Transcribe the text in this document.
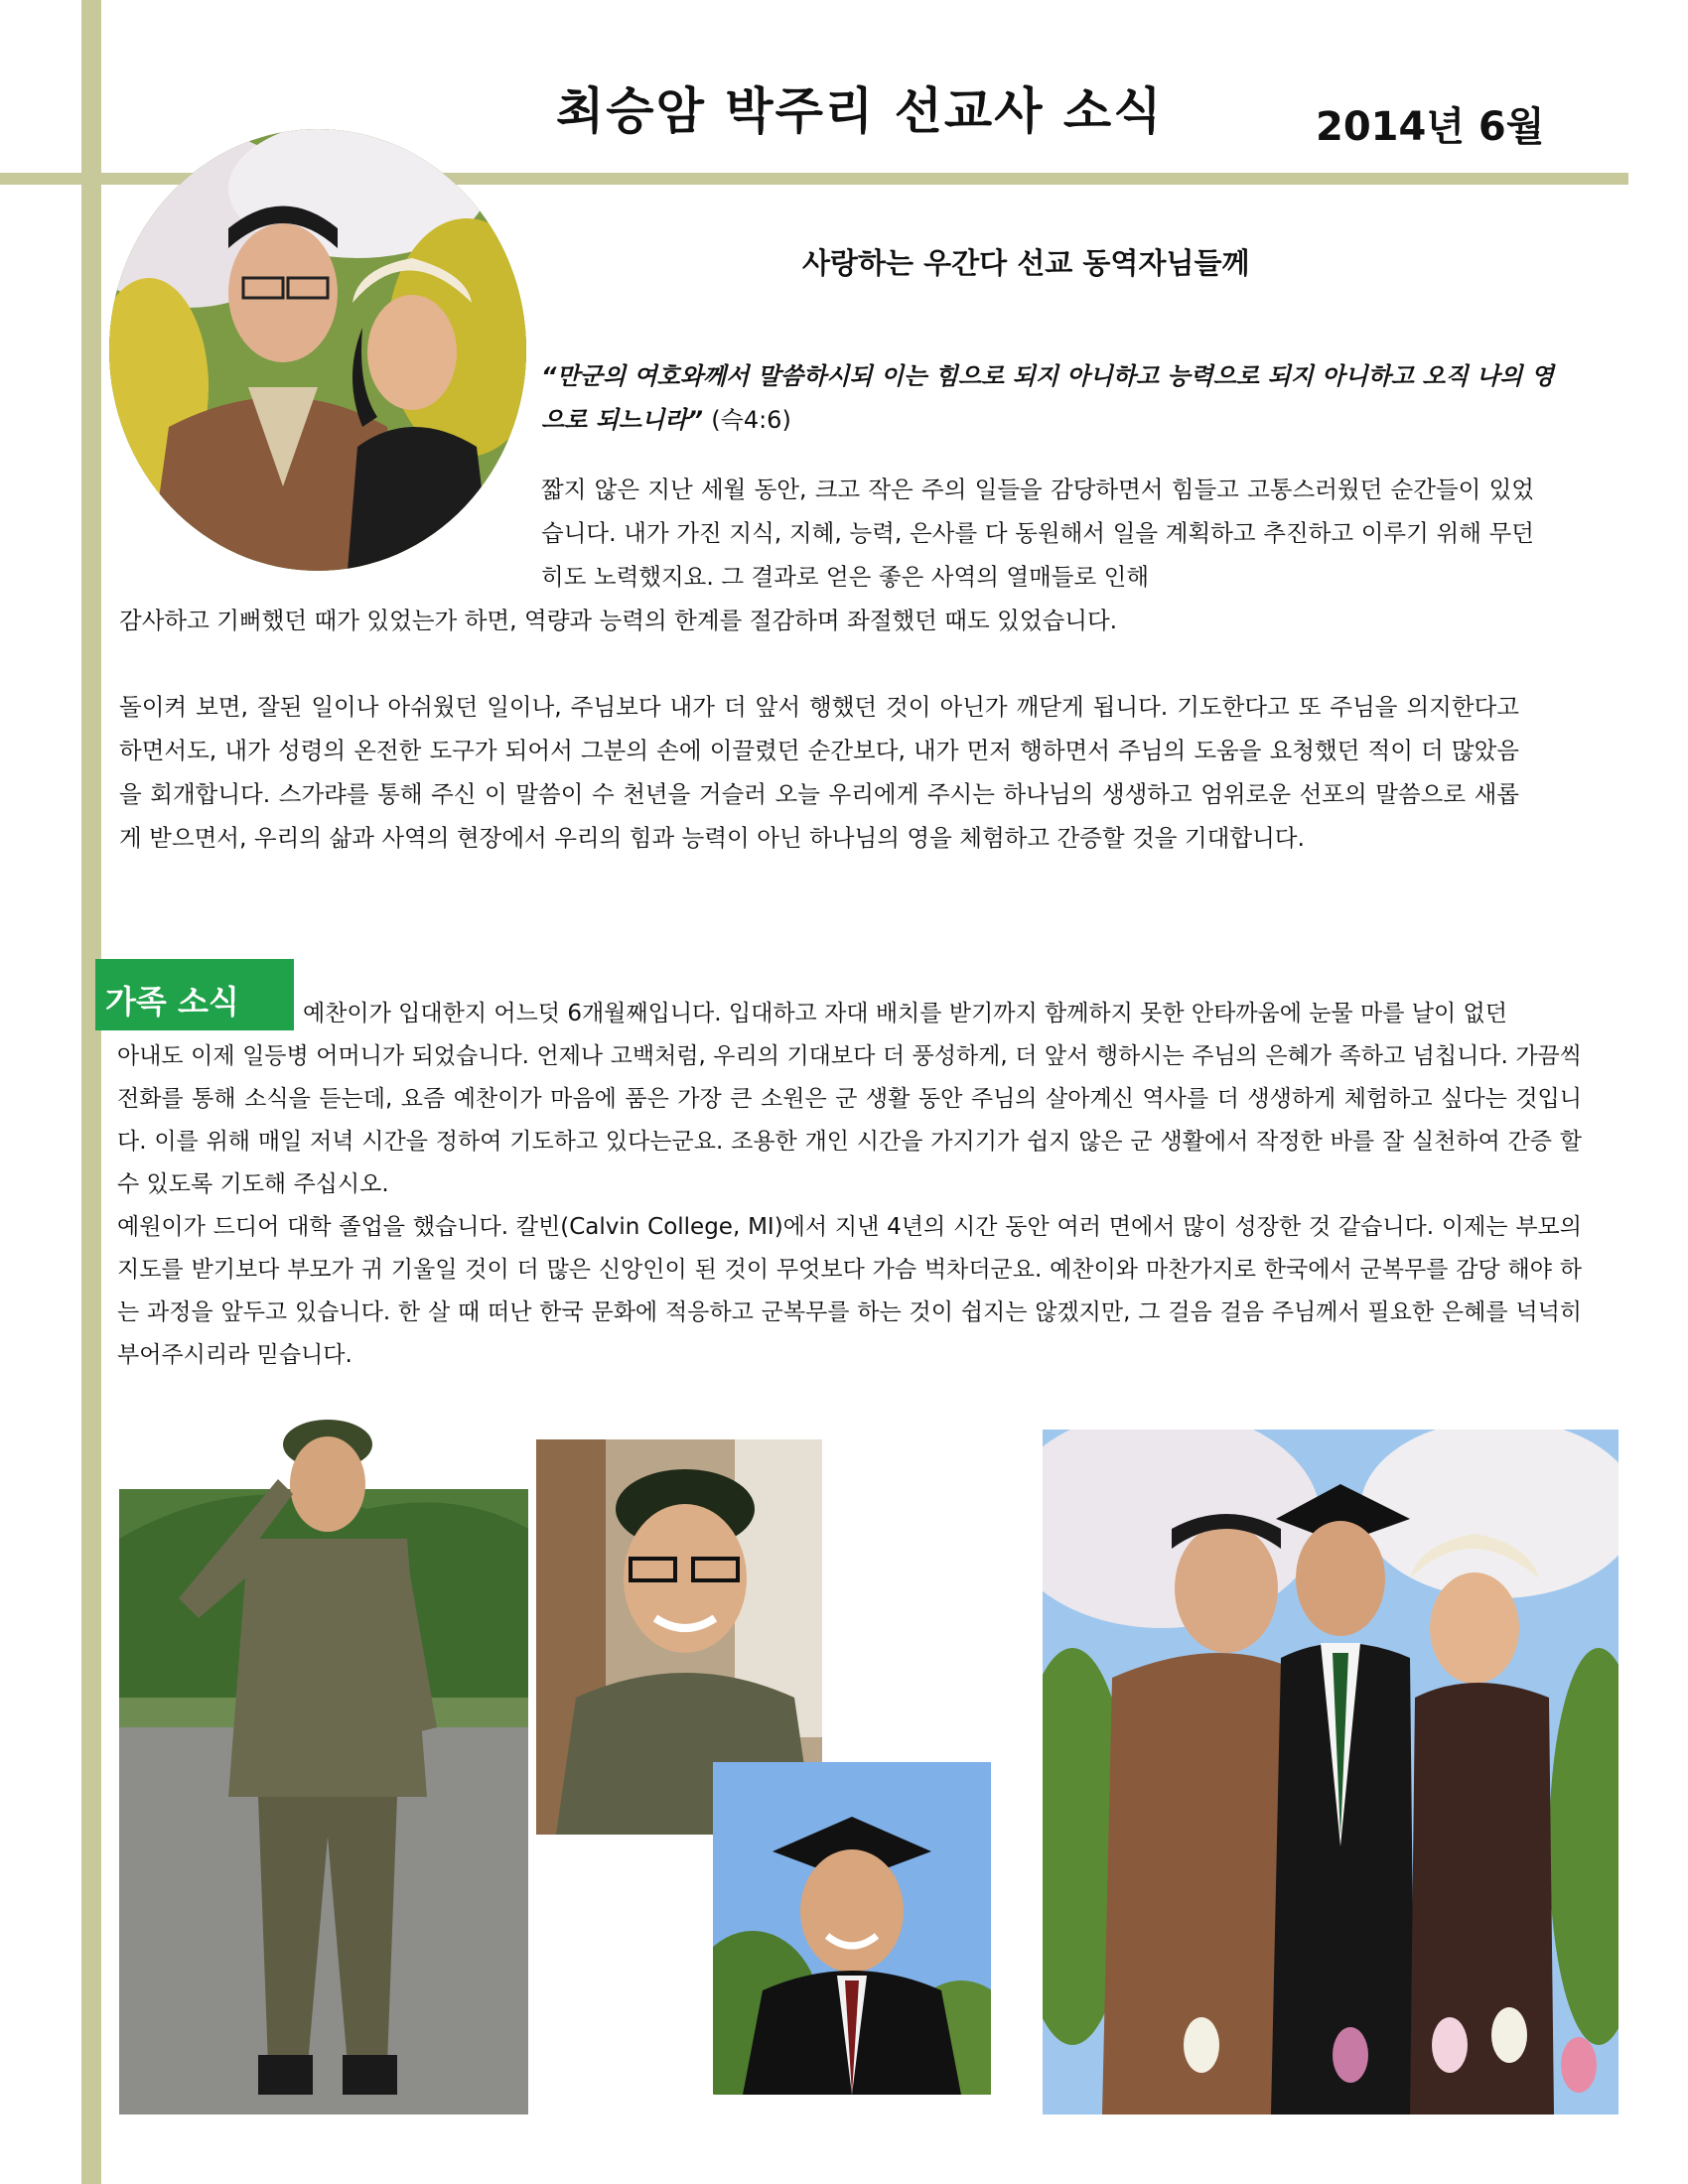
최승암 박주리 선교사 소식	2014년 6월
사랑하는 우간다 선교 동역자님들께
“만군의 여호와께서 말씀하시되 이는 힘으로 되지 아니하고 능력으로 되지 아니하고 오직 나의 영으로 되느니라” (슥4:6)
짧지 않은 지난 세월 동안, 크고 작은 주의 일들을 감당하면서 힘들고 고통스러웠던 순간들이 있었습니다. 내가 가진 지식, 지혜, 능력, 은사를 다 동원해서 일을 계획하고 추진하고 이루기 위해 무던히도 노력했지요. 그 결과로 얻은 좋은 사역의 열매들로 인해
감사하고 기뻐했던 때가 있었는가 하면, 역량과 능력의 한계를 절감하며 좌절했던 때도 있었습니다.
돌이켜 보면, 잘된 일이나 아쉬웠던 일이나, 주님보다 내가 더 앞서 행했던 것이 아닌가 깨닫게 됩니다. 기도한다고 또 주님을 의지한다고 하면서도, 내가 성령의 온전한 도구가 되어서 그분의 손에 이끌렸던 순간보다, 내가 먼저 행하면서 주님의 도움을 요청했던 적이 더 많았음을 회개합니다. 스가랴를 통해 주신 이 말씀이 수 천년을 거슬러 오늘 우리에게 주시는 하나님의 생생하고 엄위로운 선포의 말씀으로 새롭게 받으면서, 우리의 삶과 사역의 현장에서 우리의 힘과 능력이 아닌 하나님의 영을 체험하고 간증할 것을 기대합니다.
가족 소식	예찬이가 입대한지 어느덧 6개월째입니다. 입대하고 자대 배치를 받기까지 함께하지 못한 안타까움에 눈물 마를 날이 없던
아내도 이제 일등병 어머니가 되었습니다. 언제나 고백처럼, 우리의 기대보다 더 풍성하게, 더 앞서 행하시는 주님의 은혜가 족하고 넘칩니다. 가끔씩 전화를 통해 소식을 듣는데, 요즘 예찬이가 마음에 품은 가장 큰 소원은 군 생활 동안 주님의 살아계신 역사를 더 생생하게 체험하고 싶다는 것입니다. 이를 위해 매일 저녁 시간을 정하여 기도하고 있다는군요. 조용한 개인 시간을 가지기가 쉽지 않은 군 생활에서 작정한 바를 잘 실천하여 간증 할 수 있도록 기도해 주십시오.
예원이가 드디어 대학 졸업을 했습니다. 칼빈(Calvin College, MI)에서 지낸 4년의 시간 동안 여러 면에서 많이 성장한 것 같습니다. 이제는 부모의 지도를 받기보다 부모가 귀 기울일 것이 더 많은 신앙인이 된 것이 무엇보다 가슴 벅차더군요. 예찬이와 마찬가지로 한국에서 군복무를 감당 해야 하는 과정을 앞두고 있습니다. 한 살 때 떠난 한국 문화에 적응하고 군복무를 하는 것이 쉽지는 않겠지만, 그 걸음 걸음 주님께서 필요한 은혜를 넉넉히 부어주시리라 믿습니다.
